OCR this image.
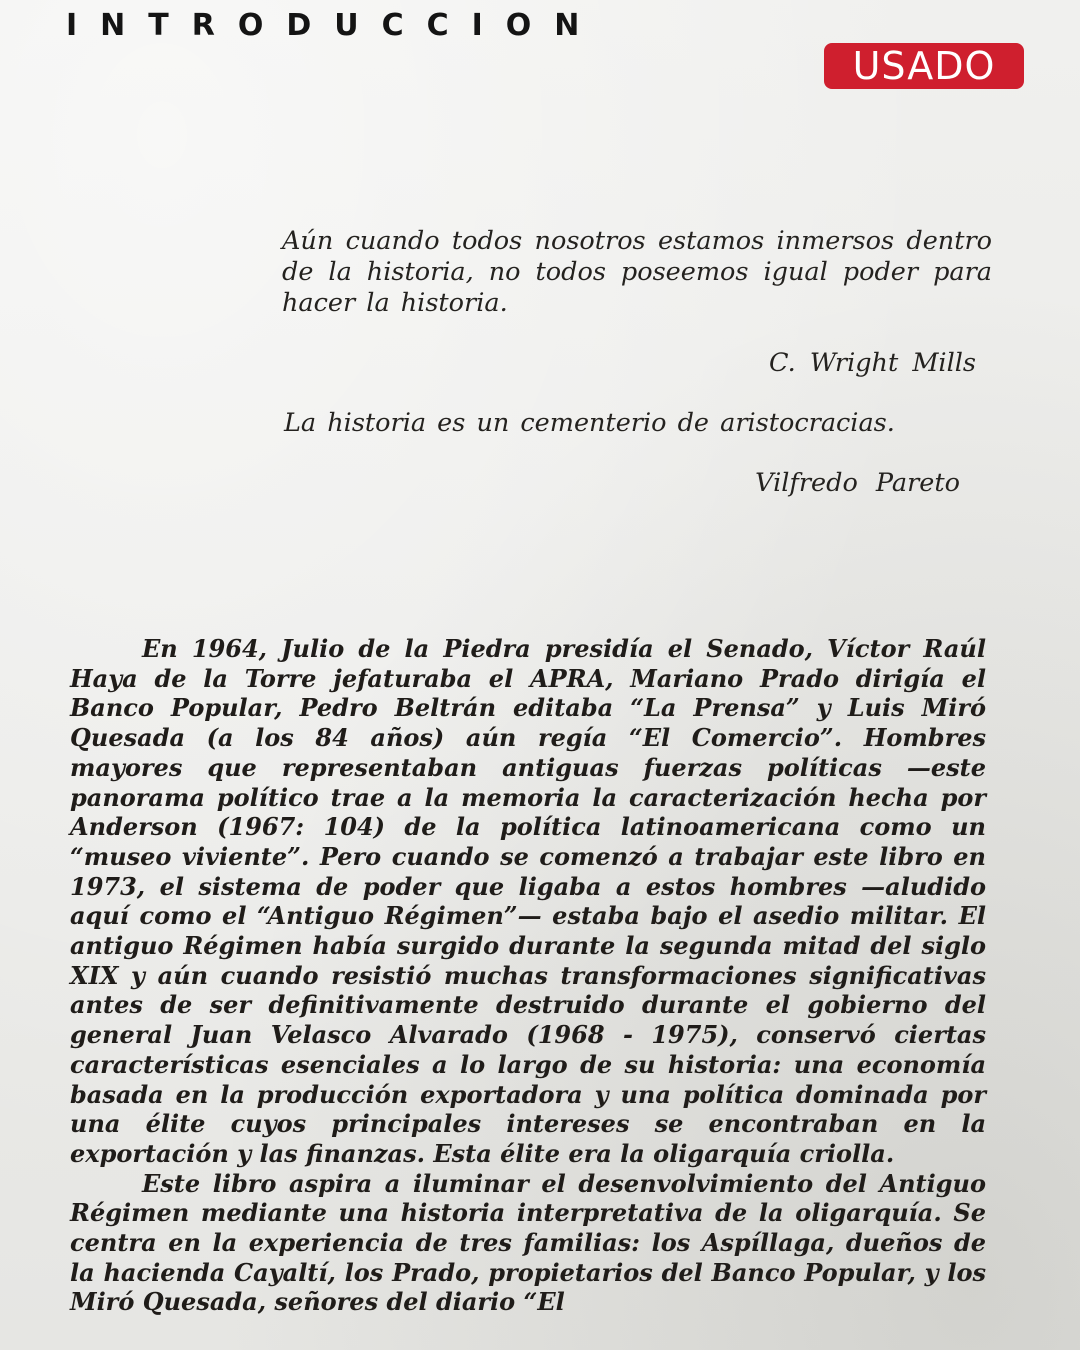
INTRODUCCION
USADO

Aún cuando todos nosotros estamos inmersos dentro de la historia, no todos poseemos igual poder para hacer la historia.

C. Wright Mills

La historia es un cementerio de aristocracias.

Vilfredo Pareto

En 1964, Julio de la Piedra presidía el Senado, Víctor Raúl Haya de la Torre jefaturaba el APRA, Mariano Prado dirigía el Banco Popular, Pedro Beltrán editaba “La Prensa” y Luis Miró Quesada (a los 84 años) aún regía “El Comercio”. Hombres mayores que representaban antiguas fuerzas políticas —este panorama político trae a la memoria la caracterización hecha por Anderson (1967: 104) de la política latinoamericana como un “museo viviente”. Pero cuando se comenzó a trabajar este libro en 1973, el sistema de poder que ligaba a estos hombres —aludido aquí como el “Antiguo Régimen”— estaba bajo el asedio militar. El antiguo Régimen había surgido durante la segunda mitad del siglo XIX y aún cuando resistió muchas transformaciones significativas antes de ser definitivamente destruido durante el gobierno del general Juan Velasco Alvarado (1968 - 1975), conservó ciertas características esenciales a lo largo de su historia: una economía basada en la producción exportadora y una política dominada por una élite cuyos principales intereses se encontraban en la exportación y las finanzas. Esta élite era la oligarquía criolla.

Este libro aspira a iluminar el desenvolvimiento del Antiguo Régimen mediante una historia interpretativa de la oligarquía. Se centra en la experiencia de tres familias: los Aspíllaga, dueños de la hacienda Cayaltí, los Prado, propietarios del Banco Popular, y los Miró Quesada, señores del diario “El
